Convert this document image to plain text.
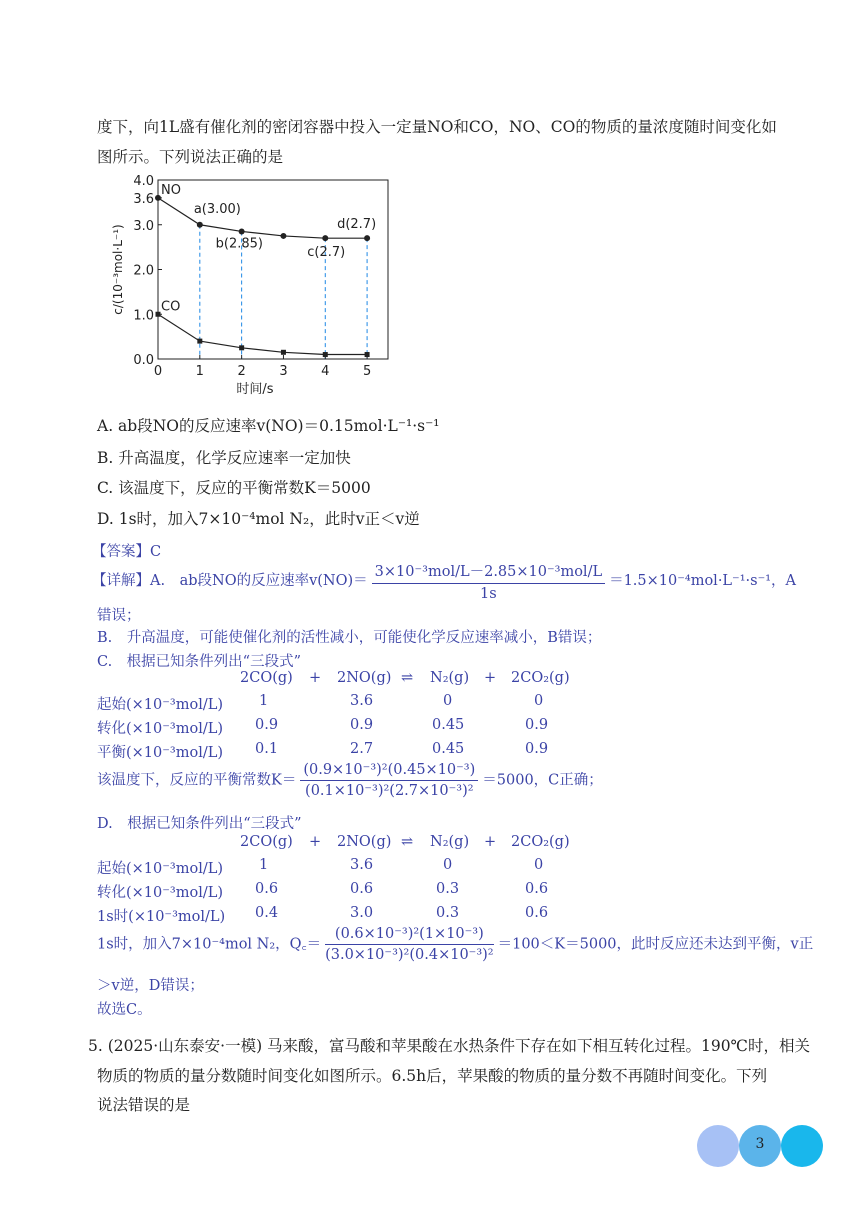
度下，向1L盛有催化剂的密闭容器中投入一定量NO和CO，NO、CO的物质的量浓度随时间变化如
图所示。下列说法正确的是
0	1	2	3	4	5
0.0
1.0
2.0
3.0
3.6
4.0
时间/s
c/(10⁻³mol·L⁻¹)
NO
CO
a(3.00)
b(2.85)
c(2.7)
d(2.7)
A. ab段NO的反应速率v(NO)＝0.15mol·L⁻¹·s⁻¹
B. 升高温度，化学反应速率一定加快
C. 该温度下，反应的平衡常数K＝5000
D. 1s时，加入7×10⁻⁴mol N₂，此时v正＜v逆
【答案】C
【详解】A.　ab段NO的反应速率$v(NO)= \frac{\text{3×10⁻³mol/L－2.85×10⁻³mol/L}}{1s} =1.5\times 10^{-4}mol\cdot L^{-1}\cdot s^{-1}$，A
错误；
B.　升高温度，可能使催化剂的活性减小，可能使化学反应速率减小，B错误；
C.　根据已知条件列出“三段式”
2CO(g) + 2NO(g) ⇌ N₂(g) + 2CO₂(g)
起始(×10⁻³mol/L) 1	3.6	0	0
转化(×10⁻³mol/L) 0.9	0.9	0.45	0.9
平衡(×10⁻³mol/L) 0.1	2.7	0.45	0.9
该温度下，反应的平衡常数$K= \frac{\text{(0.9×10⁻³)²(0.45×10⁻³)}}{\text{(0.1×10⁻³)²(2.7×10⁻³)²}} =5000$，C正确；
D.　根据已知条件列出“三段式”
2CO(g) + 2NO(g) ⇌ N₂(g) + 2CO₂(g)
起始(×10⁻³mol/L) 1	3.6	0	0
转化(×10⁻³mol/L) 0.6	0.6	0.3	0.6
1s时(×10⁻³mol/L) 0.4	3.0	0.3	0.6
1s时，加入7×10⁻⁴mol N₂，Q꜀＝ $\frac{\text{(0.6×10⁻³)²(1×10⁻³)}}{\text{(3.0×10⁻³)²(0.4×10⁻³)²}} =100<K=5000$，此时反应还未达到平衡，v正
＞v逆，D错误；
故选C。
5. (2025·山东泰安·一模) 马来酸，富马酸和苹果酸在水热条件下存在如下相互转化过程。190℃时，相关
物质的物质的量分数随时间变化如图所示。6.5h后，苹果酸的物质的量分数不再随时间变化。下列
说法错误的是
3
